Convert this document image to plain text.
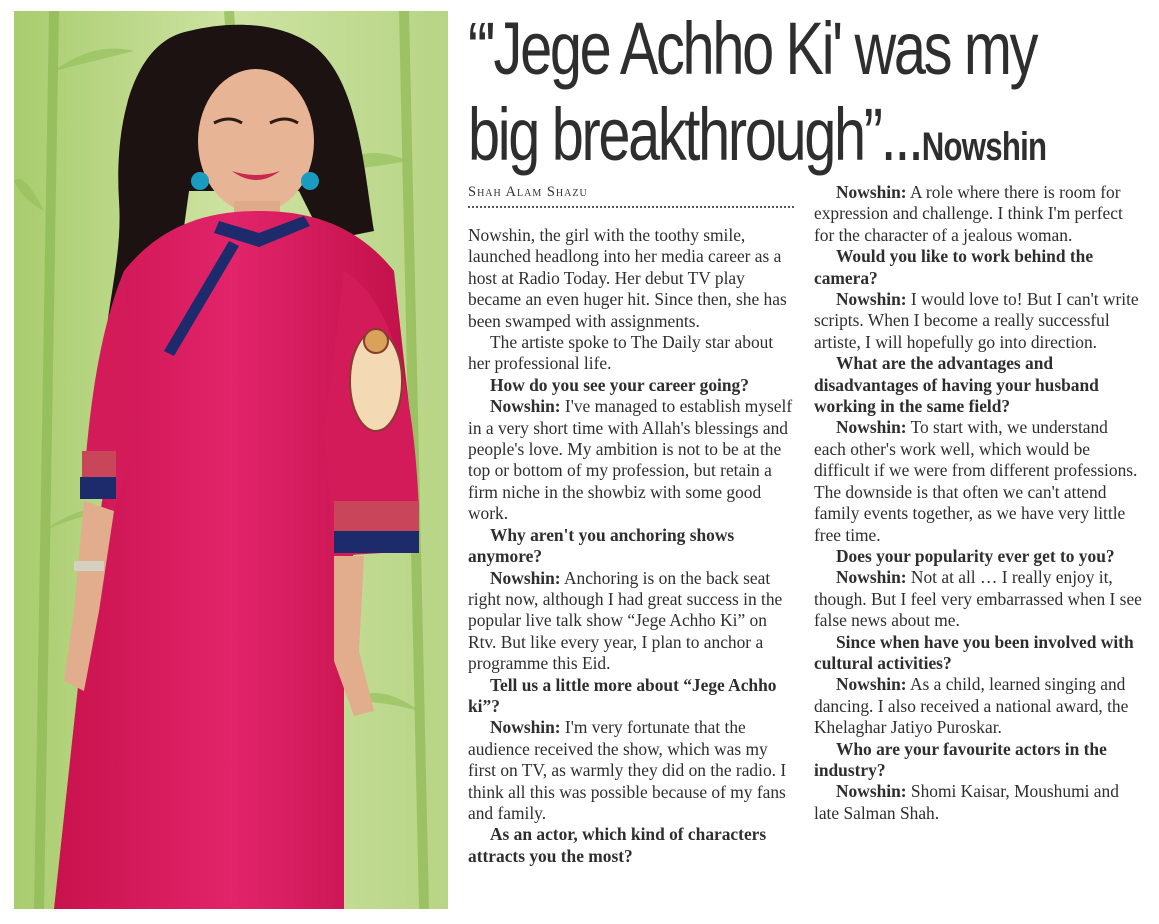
“'Jege Achho Ki' was my
big breakthrough”...Nowshin
Shah Alam Shazu

Nowshin, the girl with the toothy smile, launched headlong into her media career as a host at Radio Today. Her debut TV play became an even huger hit. Since then, she has been swamped with assignments.

The artiste spoke to The Daily star about her professional life.

How do you see your career going?

Nowshin: I've managed to establish myself in a very short time with Allah's blessings and people's love. My ambition is not to be at the top or bottom of my profession, but retain a firm niche in the showbiz with some good work.

Why aren't you anchoring shows anymore?

Nowshin: Anchoring is on the back seat right now, although I had great success in the popular live talk show “Jege Achho Ki” on Rtv. But like every year, I plan to anchor a programme this Eid.

Tell us a little more about “Jege Achho ki”?

Nowshin: I'm very fortunate that the audience received the show, which was my first on TV, as warmly they did on the radio. I think all this was possible because of my fans and family.

As an actor, which kind of characters attracts you the most?

Nowshin: A role where there is room for expression and challenge. I think I'm perfect for the character of a jealous woman.

Would you like to work behind the camera?

Nowshin: I would love to! But I can't write scripts. When I become a really successful artiste, I will hopefully go into direction.

What are the advantages and disadvantages of having your husband working in the same field?

Nowshin: To start with, we understand each other's work well, which would be difficult if we were from different professions. The downside is that often we can't attend family events together, as we have very little free time.

Does your popularity ever get to you?

Nowshin: Not at all … I really enjoy it, though. But I feel very embarrassed when I see false news about me.

Since when have you been involved with cultural activities?

Nowshin: As a child, learned singing and dancing. I also received a national award, the Khelaghar Jatiyo Puroskar.

Who are your favourite actors in the industry?

Nowshin: Shomi Kaisar, Moushumi and late Salman Shah.
